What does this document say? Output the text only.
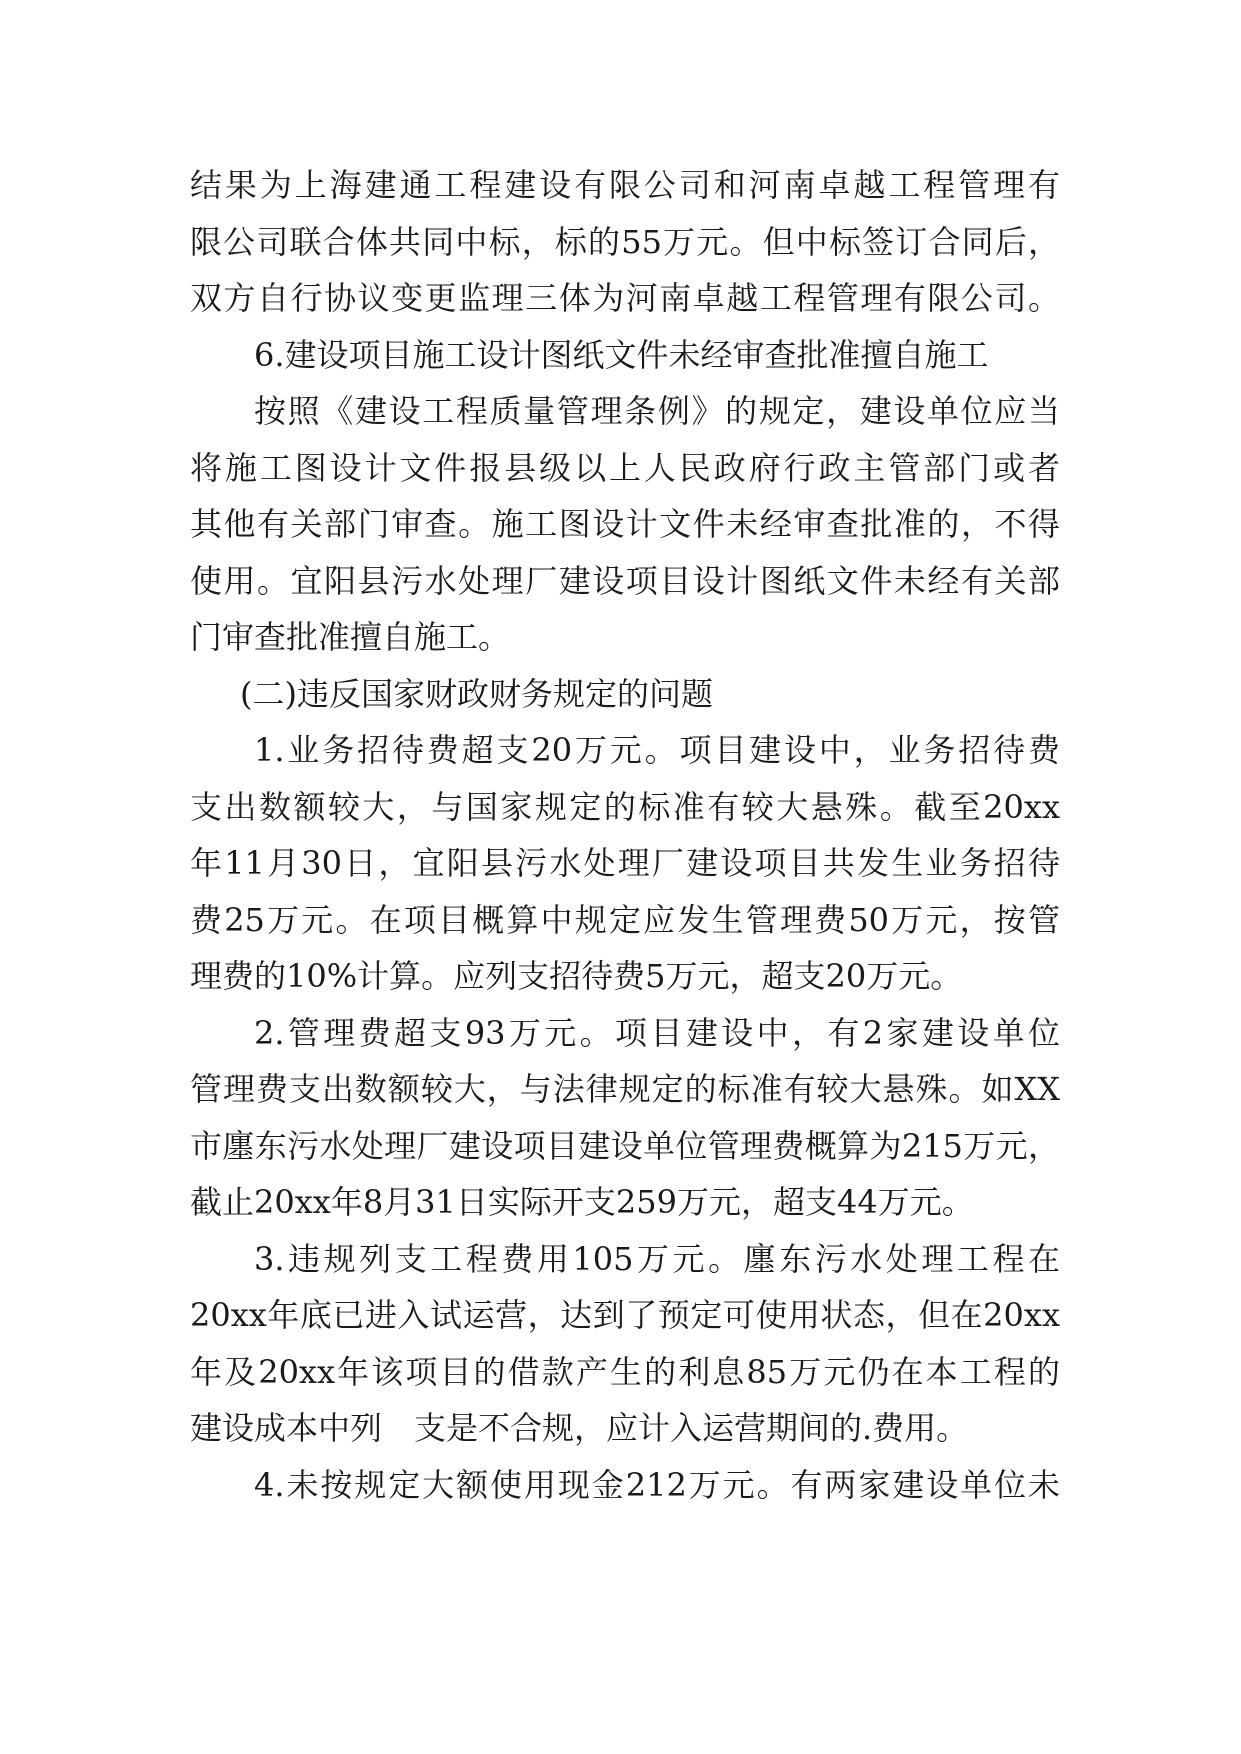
结果为上海建通工程建设有限公司和河南卓越工程管理有
限公司联合体共同中标，标的55万元。但中标签订合同后，
双方自行协议变更监理三体为河南卓越工程管理有限公司。
6.建设项目施工设计图纸文件未经审查批准擅自施工
按照《建设工程质量管理条例》的规定，建设单位应当
将施工图设计文件报县级以上人民政府行政主管部门或者
其他有关部门审查。施工图设计文件未经审查批准的，不得
使用。宜阳县污水处理厂建设项目设计图纸文件未经有关部
门审查批准擅自施工。
(二)违反国家财政财务规定的问题
1.业务招待费超支20万元。项目建设中，业务招待费
支出数额较大，与国家规定的标准有较大悬殊。截至20xx
年11月30日，宜阳县污水处理厂建设项目共发生业务招待
费25万元。在项目概算中规定应发生管理费50万元，按管
理费的10%计算。应列支招待费5万元，超支20万元。
2.管理费超支93万元。项目建设中，有2家建设单位
管理费支出数额较大，与法律规定的标准有较大悬殊。如XX
市廛东污水处理厂建设项目建设单位管理费概算为215万元，
截止20xx年8月31日实际开支259万元，超支44万元。
3.违规列支工程费用105万元。廛东污水处理工程在
20xx年底已进入试运营，达到了预定可使用状态，但在20xx
年及20xx年该项目的借款产生的利息85万元仍在本工程的
建设成本中列　支是不合规，应计入运营期间的.费用。
4.未按规定大额使用现金212万元。有两家建设单位未
